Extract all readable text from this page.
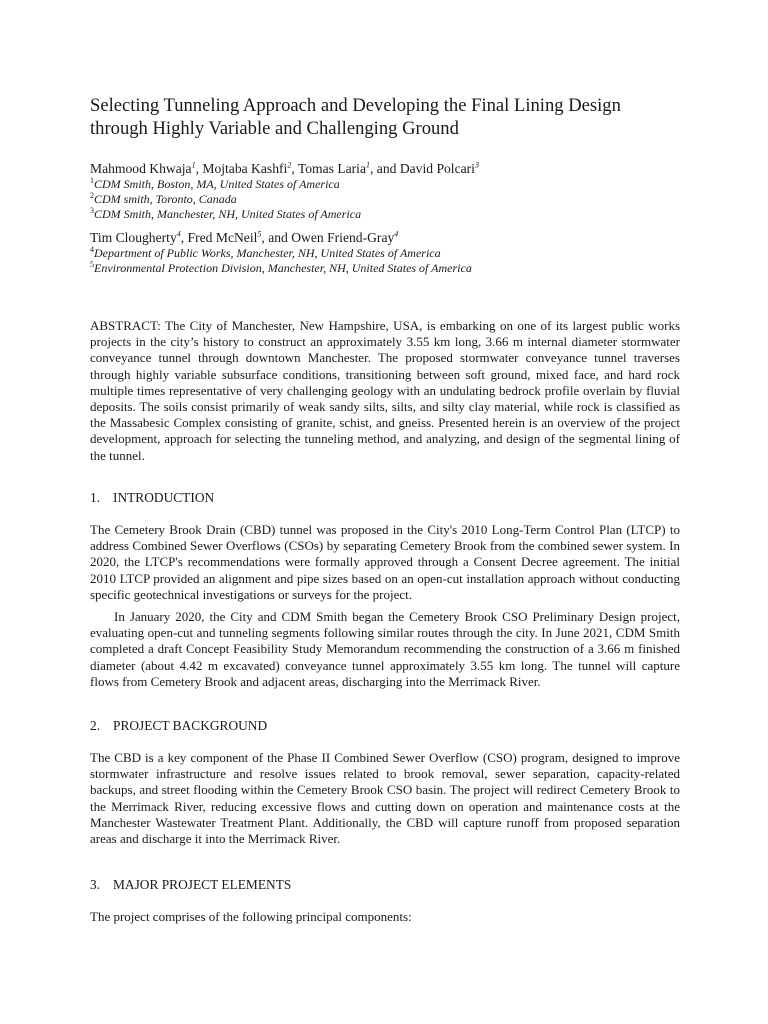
Selecting Tunneling Approach and Developing the Final Lining Design through Highly Variable and Challenging Ground
Mahmood Khwaja$^1$, Mojtaba Kashfi$^2$, Tomas Laria$^1$, and David Polcari$^3$
$^1$CDM Smith, Boston, MA, United States of America
$^2$CDM smith, Toronto, Canada
$^3$CDM Smith, Manchester, NH, United States of America
Tim Clougherty$^4$, Fred McNeil$^5$, and Owen Friend-Gray$^4$
$^4$Department of Public Works, Manchester, NH, United States of America
$^5$Environmental Protection Division, Manchester, NH, United States of America

ABSTRACT: The City of Manchester, New Hampshire, USA, is embarking on one of its largest public works projects in the city’s history to construct an approximately 3.55 km long, 3.66 m internal diameter stormwater conveyance tunnel through downtown Manchester. The proposed stormwater conveyance tunnel traverses through highly variable subsurface conditions, transitioning between soft ground, mixed face, and hard rock multiple times representative of very challenging geology with an undulating bedrock profile overlain by fluvial deposits. The soils consist primarily of weak sandy silts, silts, and silty clay material, while rock is classified as the Massabesic Complex consisting of granite, schist, and gneiss. Presented herein is an overview of the project development, approach for selecting the tunneling method, and analyzing, and design of the segmental lining of the tunnel.

1. INTRODUCTION

The Cemetery Brook Drain (CBD) tunnel was proposed in the City's 2010 Long-Term Control Plan (LTCP) to address Combined Sewer Overflows (CSOs) by separating Cemetery Brook from the combined sewer system. In 2020, the LTCP's recommendations were formally approved through a Consent Decree agreement. The initial 2010 LTCP provided an alignment and pipe sizes based on an open-cut installation approach without conducting specific geotechnical investigations or surveys for the project.

In January 2020, the City and CDM Smith began the Cemetery Brook CSO Preliminary Design project, evaluating open-cut and tunneling segments following similar routes through the city. In June 2021, CDM Smith completed a draft Concept Feasibility Study Memorandum recommending the construction of a 3.66 m finished diameter (about 4.42 m excavated) conveyance tunnel approximately 3.55 km long. The tunnel will capture flows from Cemetery Brook and adjacent areas, discharging into the Merrimack River.

2. PROJECT BACKGROUND

The CBD is a key component of the Phase II Combined Sewer Overflow (CSO) program, designed to improve stormwater infrastructure and resolve issues related to brook removal, sewer separation, capacity-related backups, and street flooding within the Cemetery Brook CSO basin. The project will redirect Cemetery Brook to the Merrimack River, reducing excessive flows and cutting down on operation and maintenance costs at the Manchester Wastewater Treatment Plant. Additionally, the CBD will capture runoff from proposed separation areas and discharge it into the Merrimack River.

3. MAJOR PROJECT ELEMENTS

The project comprises of the following principal components:
